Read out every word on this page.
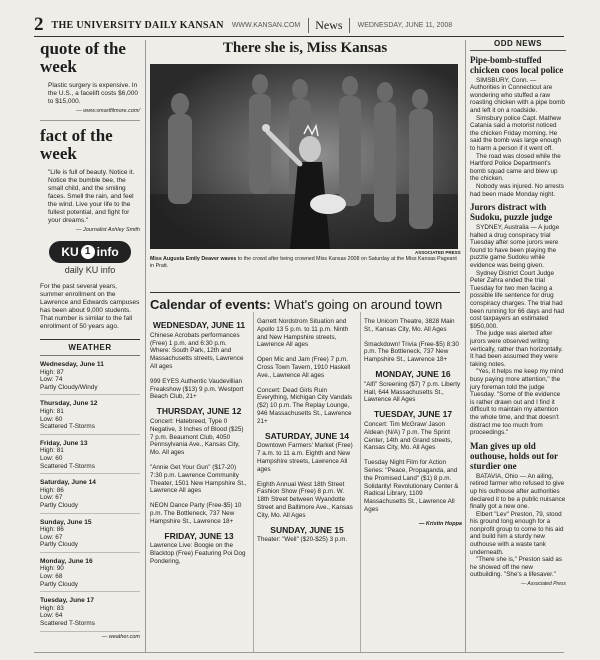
2 THE UNIVERSITY DAILY KANSAN WWW.KANSAN.COM	News	WEDNESDAY, JUNE 11, 2008
quote of the week
Plastic surgery is expensive. In the U.S., a facelift costs $6,000 to $15,000.
— www.smartfilmore.com/
fact of the week
"Life is full of beauty. Notice it. Notice the bumble bee, the small child, and the smiling faces. Smell the rain, and feel the wind. Live your life to the fullest potential, and fight for your dreams."
— Journalist Ashley Smith
KU 1 info
daily KU info
For the past several years, summer enrollment on the Lawrence and Edwards campuses has been about 9,000 students. That number is similar to the fall enrollment of 50 years ago.
WEATHER
Wednesday, June 11
High: 87
Low: 74
Partly Cloudy/Windy
Thursday, June 12
High: 81
Low: 60
Scattered T-Storms
Friday, June 13
High: 81
Low: 60
Scattered T-Storms
Saturday, June 14
High: 86
Low: 67
Partly Cloudy
Sunday, June 15
High: 86
Low: 67
Partly Cloudy
Monday, June 16
High: 90
Low: 68
Partly Cloudy
Tuesday, June 17
High: 83
Low: 64
Scattered T-Storms
— weather.com
There she is, Miss Kansas
ASSOCIATED PRESS
Miss Augusta Emily Deaver waves to the crowd after being crowned Miss Kansas 2008 on Saturday at the Miss Kansas Pageant in Pratt.
Calendar of events: What's going on around town
WEDNESDAY, JUNE 11

Chinese Acrobats performances (Free) 1 p.m. and 6:30 p.m. Where: South Park, 12th and Massachusetts streets, Lawrence All ages

999 EYES Authentic Vaudevillian Freakshow ($13) 9 p.m. Westport Beach Club, 21+

THURSDAY, JUNE 12

Concert: Hatebreed, Type 0 Negative, 3 Inches of Blood ($25) 7 p.m. Beaumont Club, 4050 Pennsylvania Ave., Kansas City, Mo. All ages

"Annie Get Your Gun" ($17-20) 7:30 p.m. Lawrence Community Theater, 1501 New Hampshire St., Lawrence All ages

NEON Dance Party (Free-$5) 10 p.m. The Bottleneck, 737 New Hampshire St., Lawrence 18+

FRIDAY, JUNE 13

Lawrence Live: Boogie on the Blacktop (Free) Featuring Poi Dog Pondering,

Garrett Nordstrom Situation and Apollo 13 5 p.m. to 11 p.m. Ninth and New Hampshire streets, Lawrence All ages

Open Mic and Jam (Free) 7 p.m. Cross Town Tavern, 1910 Haskell Ave., Lawrence All ages

Concert: Dead Girls Ruin Everything, Michigan City Vandals ($2) 10 p.m. The Replay Lounge, 946 Massachusetts St., Lawrence 21+

SATURDAY, JUNE 14

Downtown Farmers' Market (Free) 7 a.m. to 11 a.m. Eighth and New Hampshire streets, Lawrence All ages

Eighth Annual West 18th Street Fashion Show (Free) 8 p.m. W. 18th Street between Wyandotte Street and Baltimore Ave., Kansas City, Mo. All Ages

SUNDAY, JUNE 15

Theater: "Well" ($20-$25) 3 p.m.

The Unicorn Theatre, 3828 Main St., Kansas City, Mo. All Ages

Smackdown! Trivia (Free-$5) 8:30 p.m. The Bottleneck, 737 New Hampshire St., Lawrence 18+

MONDAY, JUNE 16

"Alfi" Screening ($7) 7 p.m. Liberty Hall, 644 Massachusetts St., Lawrence All Ages

TUESDAY, JUNE 17

Concert: Tim McGraw/ Jason Aldean (N/A) 7 p.m. The Sprint Center, 14th and Grand streets, Kansas City, Mo. All Ages

Tuesday Night Film for Action Series: "Peace, Propaganda, and the Promised Land" ($1) 8 p.m. Solidarity! Revolutionary Center & Radical Library, 1109 Massachusetts St., Lawrence All Ages

— Kristin Hoppa
ODD NEWS
Pipe-bomb-stuffed chicken coos local police

SIMSBURY, Conn. — Authorities in Connecticut are wondering who stuffed a raw roasting chicken with a pipe bomb and left it on a roadside.

Simsbury police Capt. Mathew Catania said a motorist noticed the chicken Friday morning. He said the bomb was large enough to harm a person if it went off.

The road was closed while the Hartford Police Department's bomb squad came and blew up the chicken.

Nobody was injured. No arrests had been made Monday night.

Jurors distract with Sudoku, puzzle judge

SYDNEY, Australia — A judge halted a drug conspiracy trial Tuesday after some jurors were found to have been playing the puzzle game Sudoku while evidence was being given.

Sydney District Court Judge Peter Zahra ended the trial Tuesday for two men facing a possible life sentence for drug conspiracy charges. The trial had been running for 66 days and had cost taxpayers an estimated $950,000.

The judge was alerted after jurors were observed writing vertically, rather than horizontally. It had been assumed they were taking notes.

"Yes, it helps me keep my mind busy paying more attention," the jury foreman told the judge Tuesday. "Some of the evidence is rather drawn out and I find it difficult to maintain my attention the whole time, and that doesn't distract me too much from proceedings."

Man gives up old outhouse, holds out for sturdier one

BATAVIA, Ohio — An ailing, retired farmer who refused to give up his outhouse after authorities declared it to be a public nuisance finally got a new one.

Elbert "Lev" Preston, 79, stood his ground long enough for a nonprofit group to come to his aid and build him a sturdy new outhouse with a waste tank underneath.

"There she is," Preston said as he showed off the new outbuilding. "She's a lifesaver."

— Associated Press
